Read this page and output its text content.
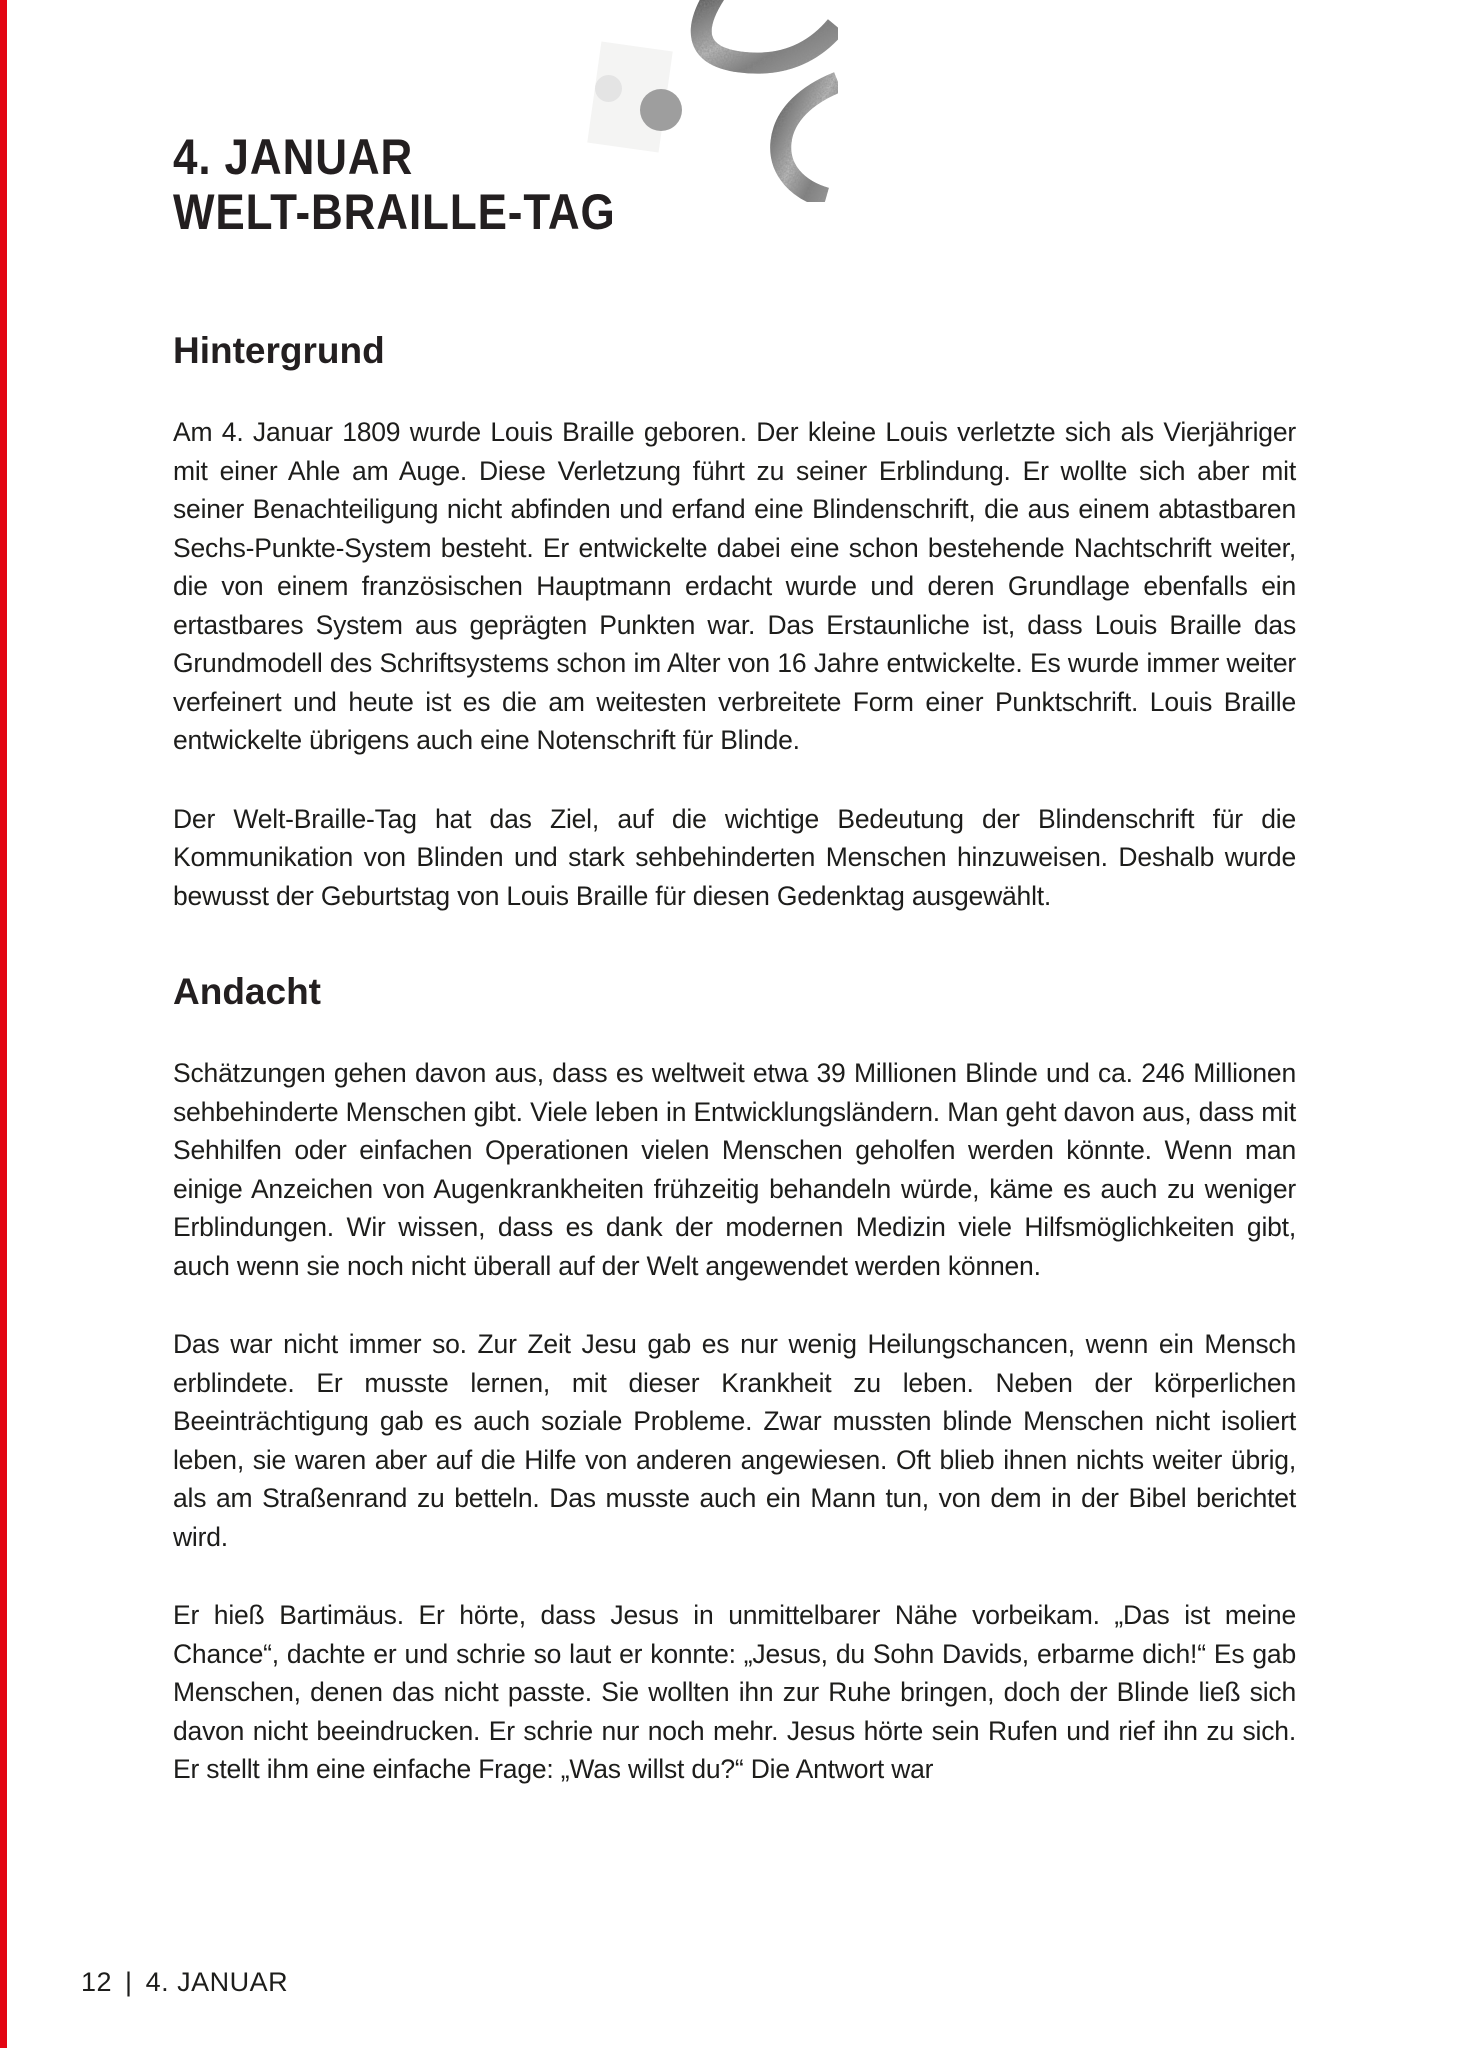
4. JANUAR
WELT-BRAILLE-TAG
Hintergrund

Am 4. Januar 1809 wurde Louis Braille geboren. Der kleine Louis verletzte sich als Vierjähriger mit einer Ahle am Auge. Diese Verletzung führt zu seiner Erblindung. Er wollte sich aber mit seiner Benachteiligung nicht abfinden und erfand eine Blindenschrift, die aus einem abtastbaren Sechs-Punkte-System besteht. Er entwickelte dabei eine schon bestehende Nachtschrift weiter, die von einem französischen Hauptmann erdacht wurde und deren Grundlage ebenfalls ein ertastbares System aus geprägten Punkten war. Das Erstaunliche ist, dass Louis Braille das Grundmodell des Schriftsystems schon im Alter von 16 Jahre entwickelte. Es wurde immer weiter verfeinert und heute ist es die am weitesten verbreitete Form einer Punktschrift. Louis Braille entwickelte übrigens auch eine Notenschrift für Blinde.

Der Welt-Braille-Tag hat das Ziel, auf die wichtige Bedeutung der Blindenschrift für die Kommunikation von Blinden und stark sehbehinderten Menschen hinzuweisen. Deshalb wurde bewusst der Geburtstag von Louis Braille für diesen Gedenktag ausgewählt.

Andacht

Schätzungen gehen davon aus, dass es weltweit etwa 39 Millionen Blinde und ca. 246 Millionen sehbehinderte Menschen gibt. Viele leben in Entwicklungsländern. Man geht davon aus, dass mit Sehhilfen oder einfachen Operationen vielen Menschen geholfen werden könnte. Wenn man einige Anzeichen von Augenkrankheiten frühzeitig behandeln würde, käme es auch zu weniger Erblindungen. Wir wissen, dass es dank der modernen Medizin viele Hilfsmöglichkeiten gibt, auch wenn sie noch nicht überall auf der Welt angewendet werden können.

Das war nicht immer so. Zur Zeit Jesu gab es nur wenig Heilungschancen, wenn ein Mensch erblindete. Er musste lernen, mit dieser Krankheit zu leben. Neben der körperlichen Beeinträchtigung gab es auch soziale Probleme. Zwar mussten blinde Menschen nicht isoliert leben, sie waren aber auf die Hilfe von anderen angewiesen. Oft blieb ihnen nichts weiter übrig, als am Straßenrand zu betteln. Das musste auch ein Mann tun, von dem in der Bibel berichtet wird.

Er hieß Bartimäus. Er hörte, dass Jesus in unmittelbarer Nähe vorbeikam. „Das ist meine Chance“, dachte er und schrie so laut er konnte: „Jesus, du Sohn Davids, erbarme dich!“ Es gab Menschen, denen das nicht passte. Sie wollten ihn zur Ruhe bringen, doch der Blinde ließ sich davon nicht beeindrucken. Er schrie nur noch mehr. Jesus hörte sein Rufen und rief ihn zu sich. Er stellt ihm eine einfache Frage: „Was willst du?“ Die Antwort war

12 | 4. JANUAR
